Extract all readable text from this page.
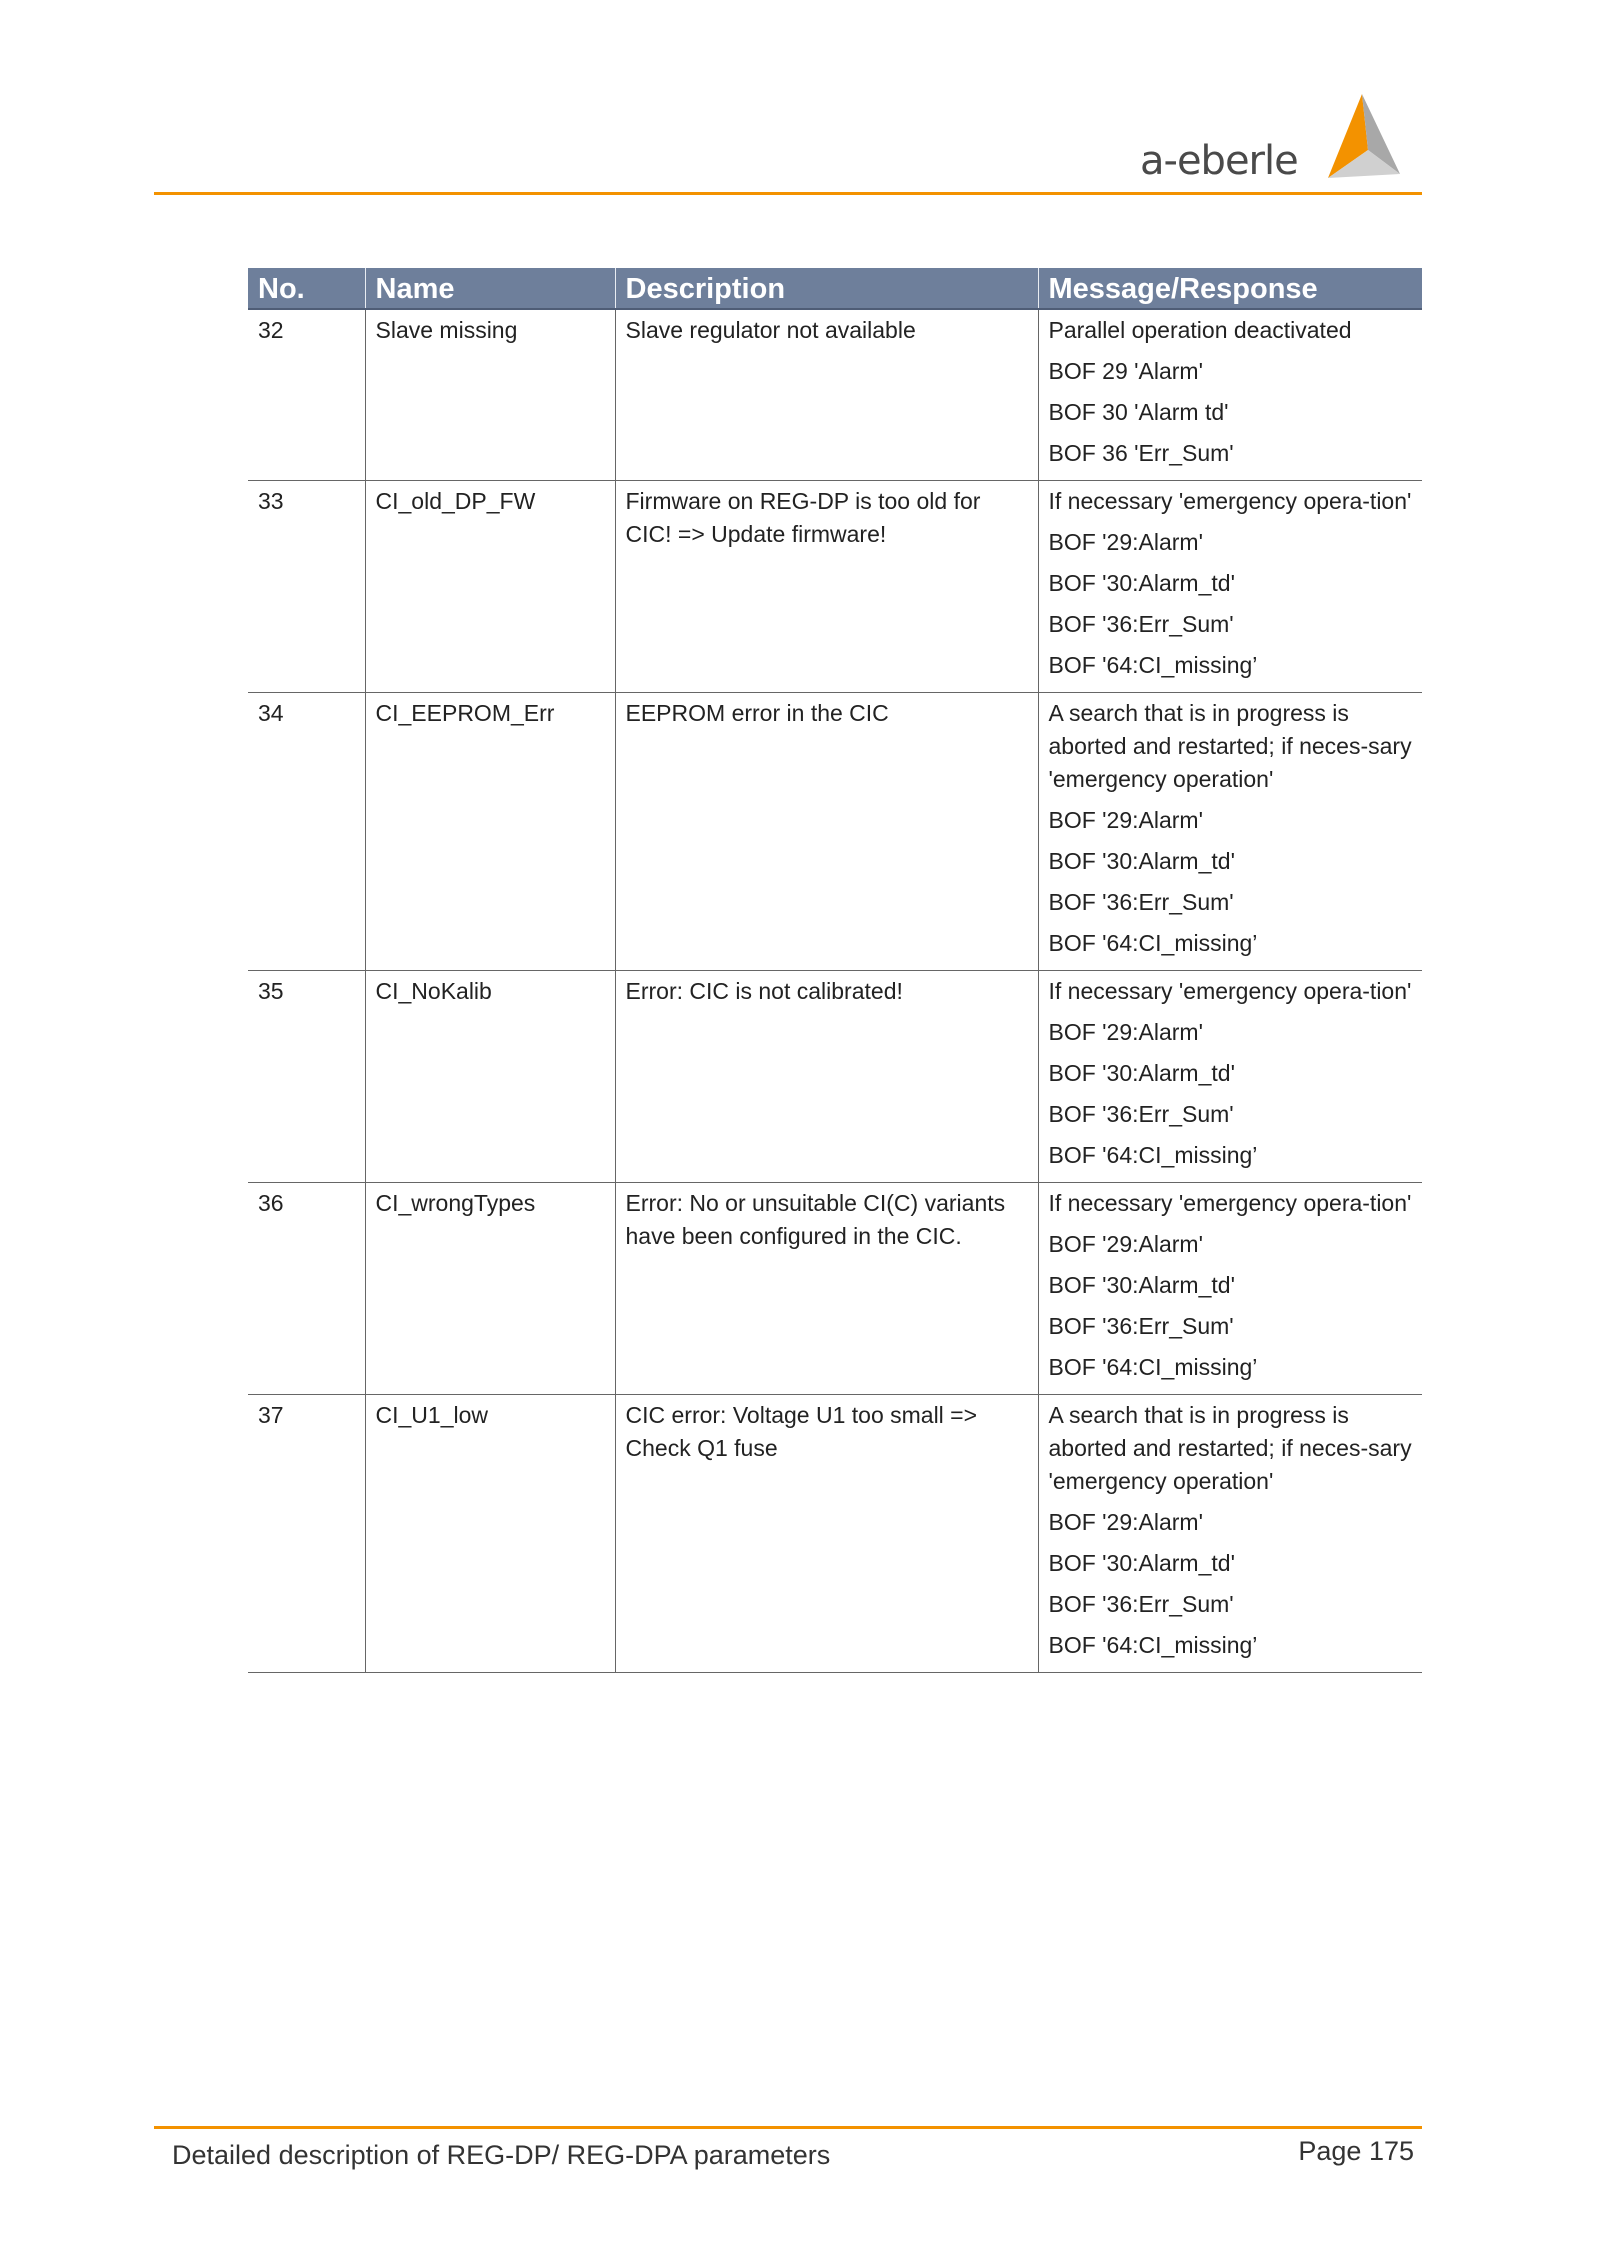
a-eberle
No.	Name	Description	Message/Response
32	Slave missing	Slave regulator not available	Parallel operation deactivated

BOF 29 'Alarm'

BOF 30 'Alarm td'

BOF 36 'Err_Sum'

33	CI_old_DP_FW	Firmware on REG-DP is too old for CIC! => Update firmware!	If necessary 'emergency opera-tion'

BOF '29:Alarm'

BOF '30:Alarm_td'

BOF '36:Err_Sum'

BOF '64:CI_missing’

34	CI_EEPROM_Err	EEPROM error in the CIC	A search that is in progress is aborted and restarted; if neces-sary 'emergency operation'

BOF '29:Alarm'

BOF '30:Alarm_td'

BOF '36:Err_Sum'

BOF '64:CI_missing’

35	CI_NoKalib	Error: CIC is not calibrated!	If necessary 'emergency opera-tion'

BOF '29:Alarm'

BOF '30:Alarm_td'

BOF '36:Err_Sum'

BOF '64:CI_missing’

36	CI_wrongTypes	Error: No or unsuitable CI(C) variants have been configured in the CIC.	If necessary 'emergency opera-tion'

BOF '29:Alarm'

BOF '30:Alarm_td'

BOF '36:Err_Sum'

BOF '64:CI_missing’

37	CI_U1_low	CIC error: Voltage U1 too small => Check Q1 fuse	A search that is in progress is aborted and restarted; if neces-sary 'emergency operation'

BOF '29:Alarm'

BOF '30:Alarm_td'

BOF '36:Err_Sum'

BOF '64:CI_missing’

Detailed description of REG-DP/ REG-DPA parameters	Page 175
